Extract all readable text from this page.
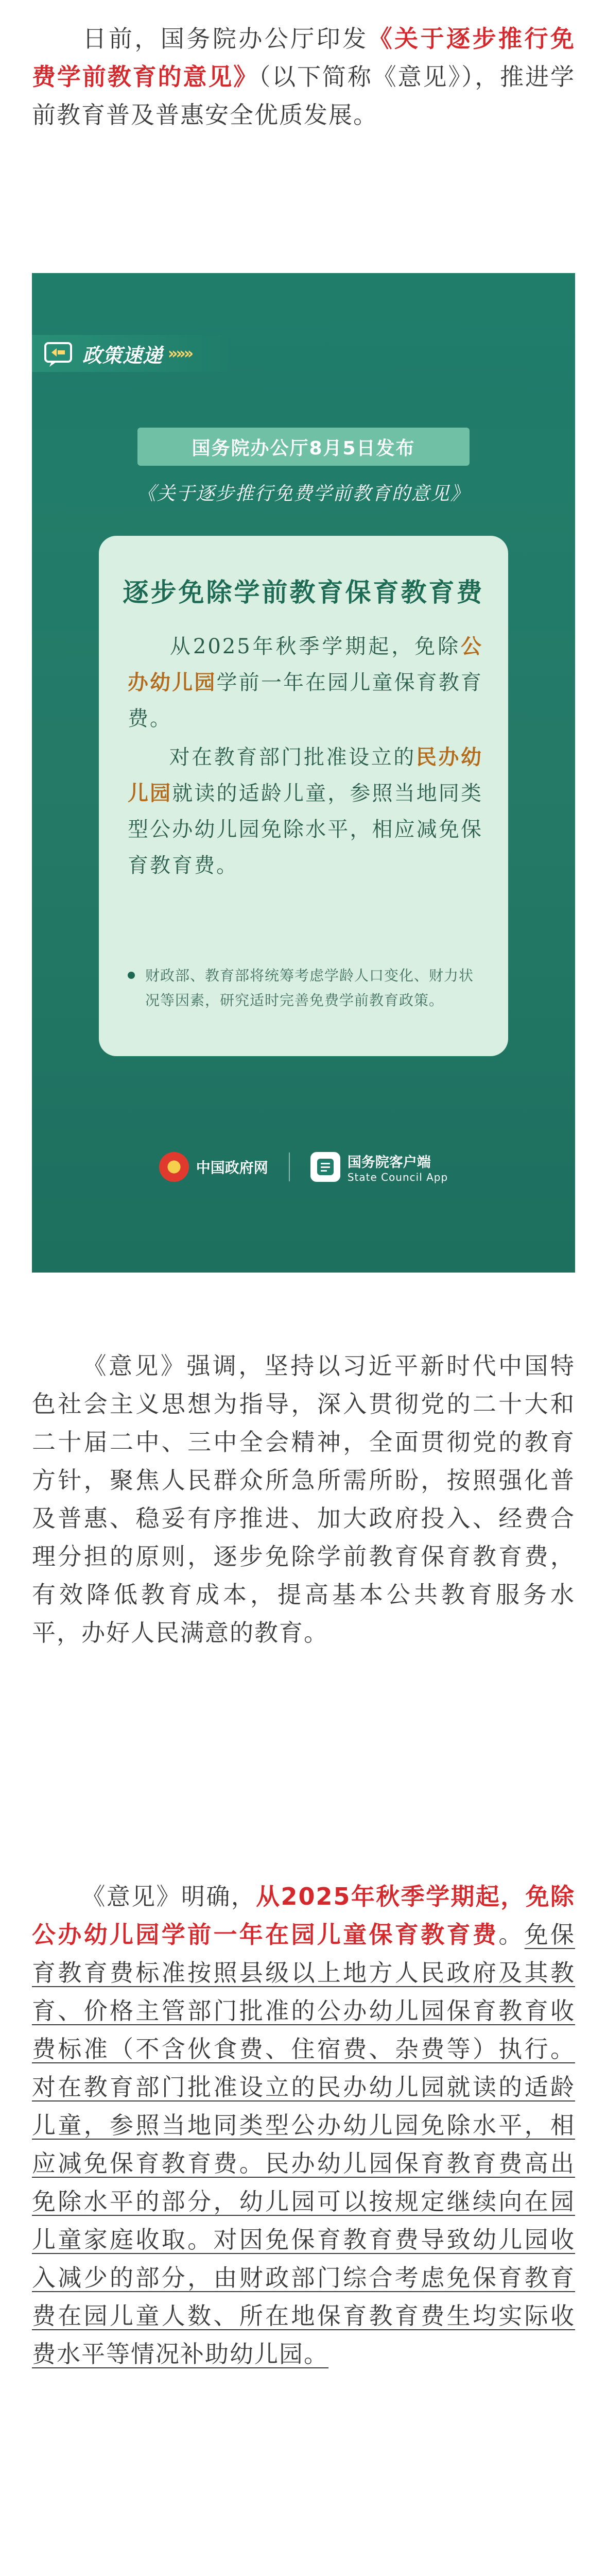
日前，国务院办公厅印发《关于逐步推行免费学前教育的意见》（以下简称《意见》），推进学前教育普及普惠安全优质发展。

政策速递 »»»
国务院办公厅8月5日发布
《关于逐步推行免费学前教育的意见》
逐步免除学前教育保育教育费

从2025年秋季学期起，免除公办幼儿园学前一年在园儿童保育教育费。

对在教育部门批准设立的民办幼儿园就读的适龄儿童，参照当地同类型公办幼儿园免除水平，相应减免保育教育费。

财政部、教育部将统筹考虑学龄人口变化、财力状况等因素，研究适时完善免费学前教育政策。
中国政府网	国务院客户端
State Council App

《意见》强调，坚持以习近平新时代中国特色社会主义思想为指导，深入贯彻党的二十大和二十届二中、三中全会精神，全面贯彻党的教育方针，聚焦人民群众所急所需所盼，按照强化普及普惠、稳妥有序推进、加大政府投入、经费合理分担的原则，逐步免除学前教育保育教育费，有效降低教育成本，提高基本公共教育服务水平，办好人民满意的教育。

《意见》明确，从2025年秋季学期起，免除公办幼儿园学前一年在园儿童保育教育费。免保育教育费标准按照县级以上地方人民政府及其教育、价格主管部门批准的公办幼儿园保育教育收费标准（不含伙食费、住宿费、杂费等）执行。对在教育部门批准设立的民办幼儿园就读的适龄儿童，参照当地同类型公办幼儿园免除水平，相应减免保育教育费。民办幼儿园保育教育费高出免除水平的部分，幼儿园可以按规定继续向在园儿童家庭收取。对因免保育教育费导致幼儿园收入减少的部分，由财政部门综合考虑免保育教育费在园儿童人数、所在地保育教育费生均实际收费水平等情况补助幼儿园。
